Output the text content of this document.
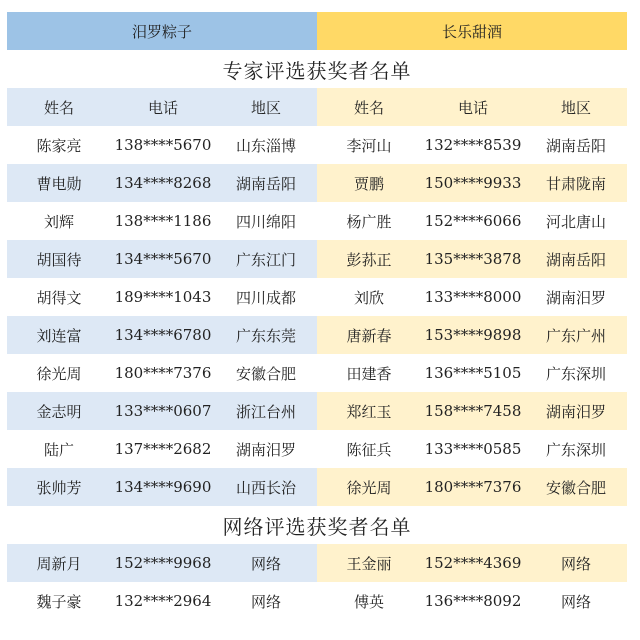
汨罗粽子	长乐甜酒
专家评选获奖者名单
姓名	电话	地区	姓名	电话	地区
陈家亮	138****5670	山东淄博	李河山	132****8539	湖南岳阳
曹电勋	134****8268	湖南岳阳	贾鹏	150****9933	甘肃陇南
刘辉	138****1186	四川绵阳	杨广胜	152****6066	河北唐山
胡国待	134****5670	广东江门	彭荪正	135****3878	湖南岳阳
胡得文	189****1043	四川成都	刘欣	133****8000	湖南汨罗
刘连富	134****6780	广东东莞	唐新春	153****9898	广东广州
徐光周	180****7376	安徽合肥	田建香	136****5105	广东深圳
金志明	133****0607	浙江台州	郑红玉	158****7458	湖南汨罗
陆广	137****2682	湖南汨罗	陈征兵	133****0585	广东深圳
张帅芳	134****9690	山西长治	徐光周	180****7376	安徽合肥
网络评选获奖者名单
周新月	152****9968	网络	王金丽	152****4369	网络
魏子豪	132****2964	网络	傅英	136****8092	网络
